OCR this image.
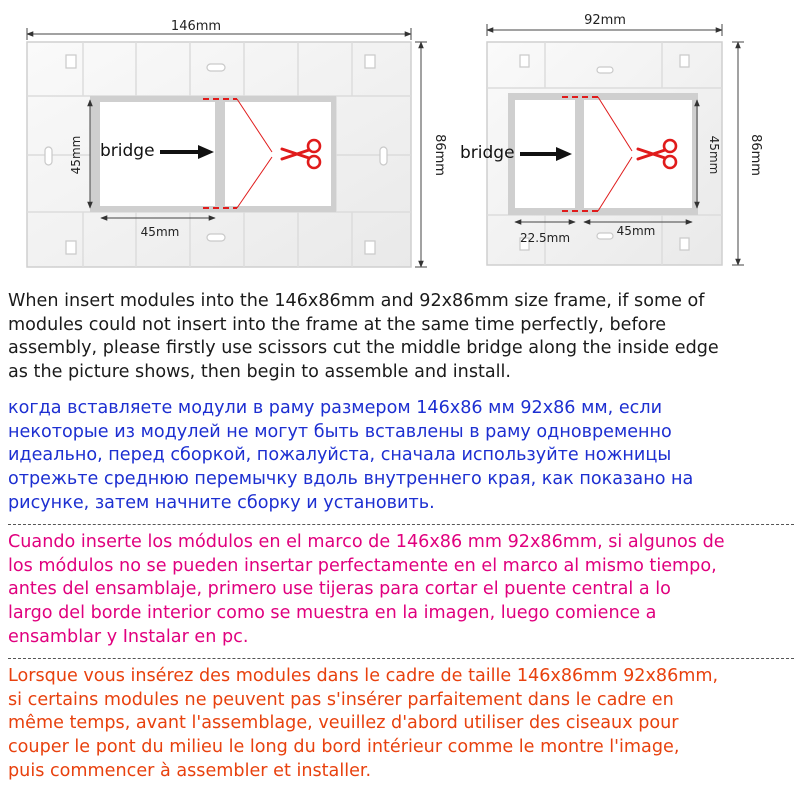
146mm
86mm
45mm
45mm
bridge
92mm
86mm
45mm
22.5mm	45mm
bridge

When insert modules into the 146x86mm and 92x86mm size frame, if some of
modules could not insert into the frame at the same time perfectly, before
assembly, please firstly use scissors cut the middle bridge along the inside edge
as the picture shows, then begin to assemble and install.

когда вставляете модули в раму размером 146х86 мм 92x86 мм, если
некоторые из модулей не могут быть вставлены в раму одновременно
идеально, перед сборкой, пожалуйста, сначала используйте ножницы
отрежьте среднюю перемычку вдоль внутреннего края, как показано на
рисунке, затем начните сборку и установить.

Cuando inserte los módulos en el marco de 146x86 mm 92x86mm, si algunos de
los módulos no se pueden insertar perfectamente en el marco al mismo tiempo,
antes del ensamblaje, primero use tijeras para cortar el puente central a lo
largo del borde interior como se muestra en la imagen, luego comience a
ensamblar y Instalar en pc.

Lorsque vous insérez des modules dans le cadre de taille 146x86mm 92x86mm,
si certains modules ne peuvent pas s'insérer parfaitement dans le cadre en
même temps, avant l'assemblage, veuillez d'abord utiliser des ciseaux pour
couper le pont du milieu le long du bord intérieur comme le montre l'image,
puis commencer à assembler et installer.
